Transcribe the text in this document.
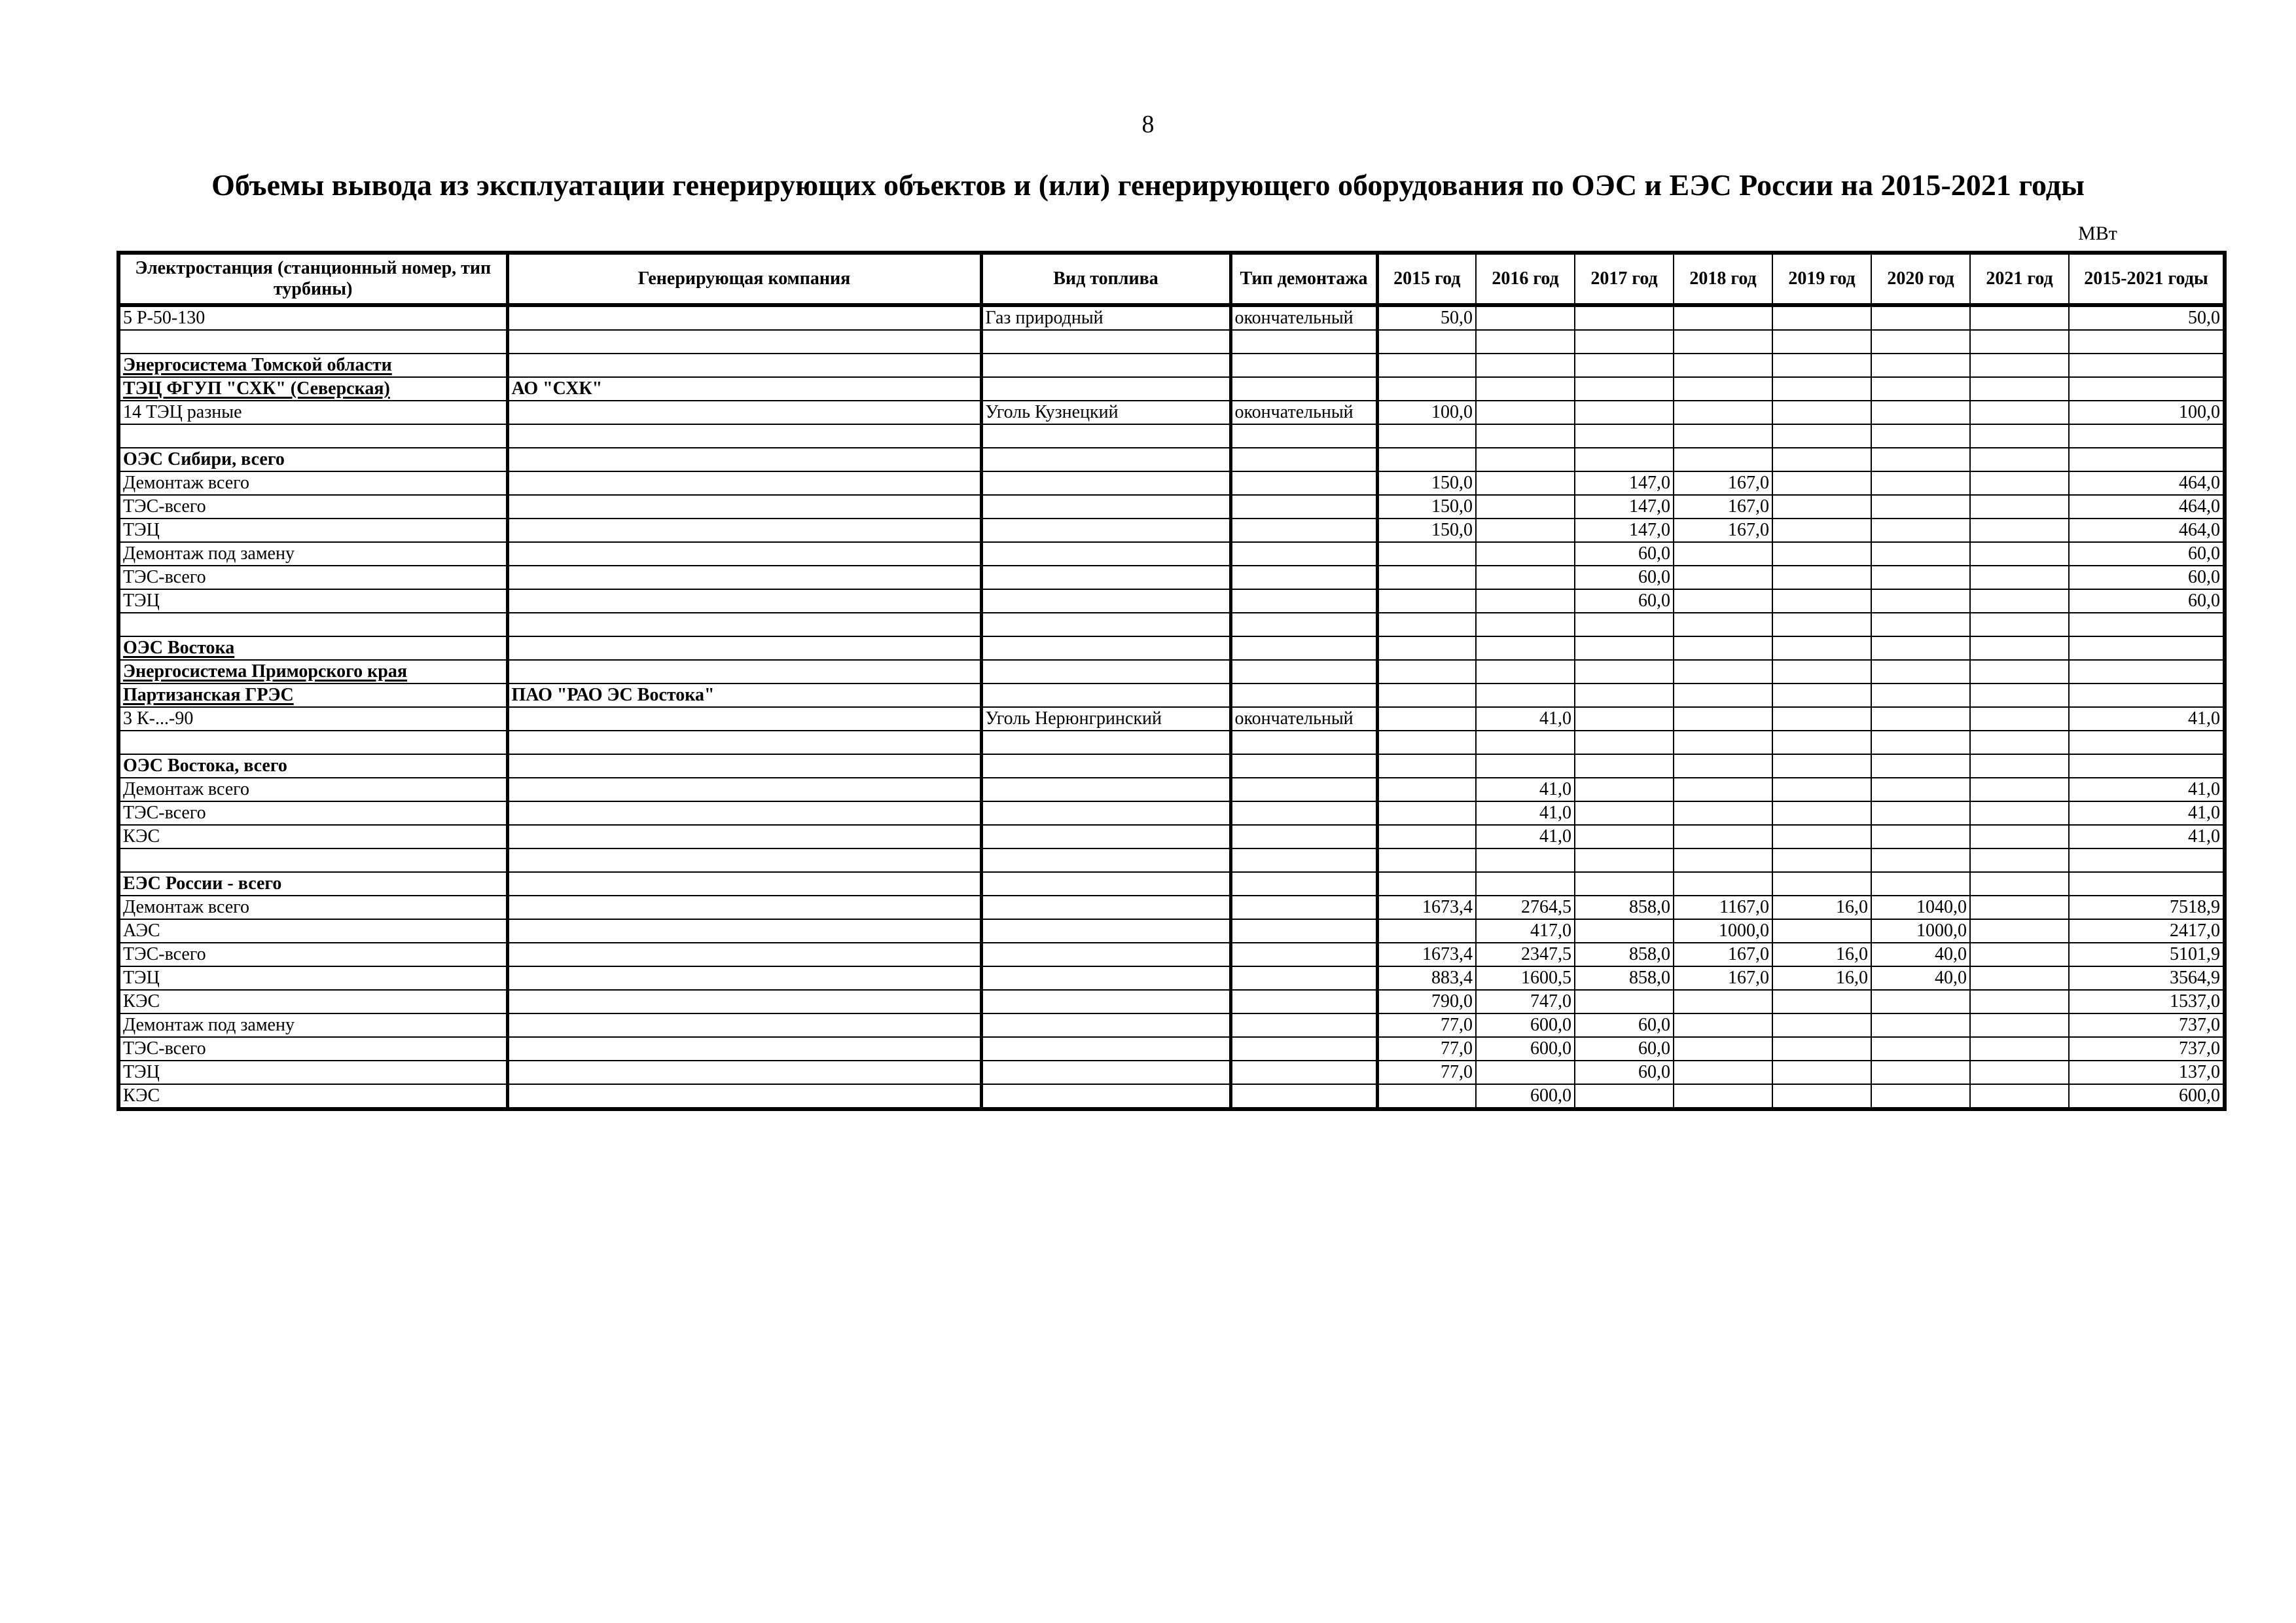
8
Объемы вывода из эксплуатации генерирующих объектов и (или) генерирующего оборудования по ОЭС и ЕЭС России на 2015-2021 годы
МВт
Электростанция (станционный номер, тип турбины)	Генерирующая компания	Вид топлива	Тип демонтажа	2015 год	2016 год	2017 год	2018 год	2019 год	2020 год	2021 год	2015-2021 годы
5 Р-50-130		Газ природный	окончательный	50,0							50,0

Энергосистема Томской области											
ТЭЦ ФГУП "СХК" (Северская)	АО "СХК"										
14 ТЭЦ разные		Уголь Кузнецкий	окончательный	100,0							100,0

ОЭС Сибири, всего											
Демонтаж всего				150,0		147,0	167,0				464,0
ТЭС-всего				150,0		147,0	167,0				464,0
ТЭЦ				150,0		147,0	167,0				464,0
Демонтаж под замену						60,0					60,0
ТЭС-всего						60,0					60,0
ТЭЦ						60,0					60,0

ОЭС Востока											
Энергосистема Приморского края											
Партизанская ГРЭС	ПАО "РАО ЭС Востока"										
3 К-...-90		Уголь Нерюнгринский	окончательный		41,0						41,0

ОЭС Востока, всего											
Демонтаж всего					41,0						41,0
ТЭС-всего					41,0						41,0
КЭС					41,0						41,0

ЕЭС России - всего											
Демонтаж всего				1673,4	2764,5	858,0	1167,0	16,0	1040,0		7518,9
АЭС					417,0		1000,0		1000,0		2417,0
ТЭС-всего				1673,4	2347,5	858,0	167,0	16,0	40,0		5101,9
ТЭЦ				883,4	1600,5	858,0	167,0	16,0	40,0		3564,9
КЭС				790,0	747,0						1537,0
Демонтаж под замену				77,0	600,0	60,0					737,0
ТЭС-всего				77,0	600,0	60,0					737,0
ТЭЦ				77,0		60,0					137,0
КЭС					600,0						600,0
